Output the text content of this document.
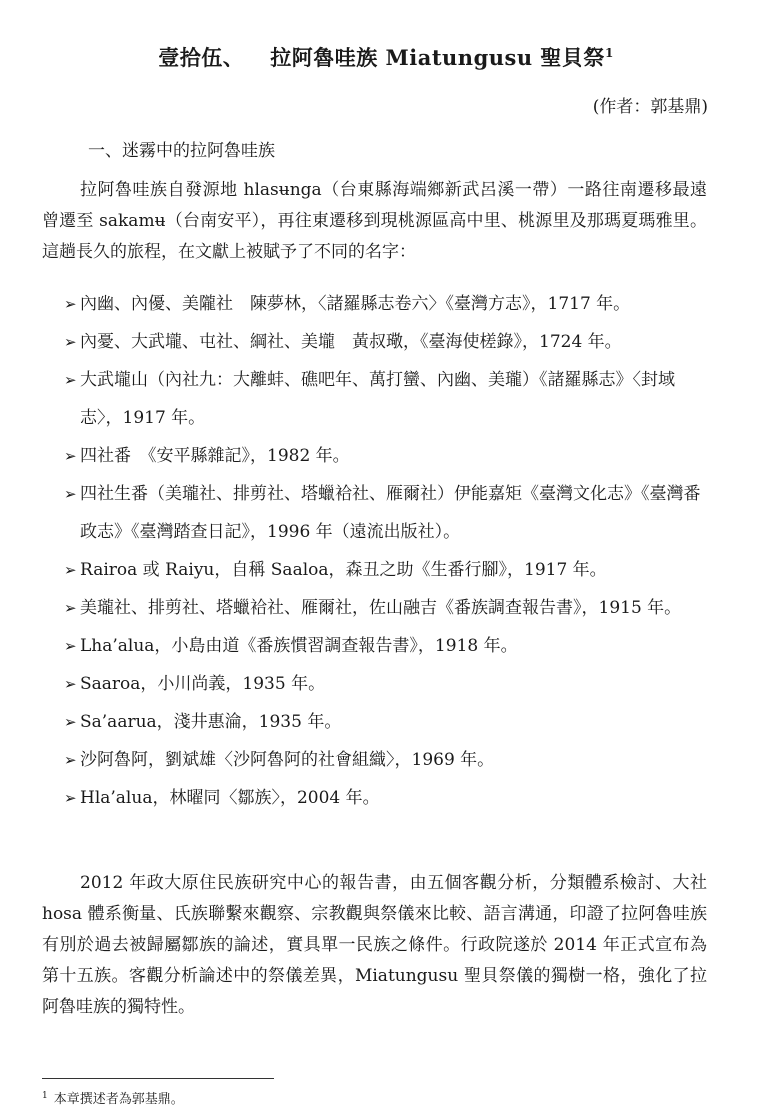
壹拾伍、 拉阿魯哇族 Miatungusu 聖貝祭$^1$
(作者：郭基鼎)
一、迷霧中的拉阿魯哇族

拉阿魯哇族自發源地 hlasʉnga（台東縣海端鄉新武呂溪一帶）一路往南遷移最遠曾遷至 sakamʉ（台南安平），再往東遷移到現桃源區高中里、桃源里及那瑪夏瑪雅里。這趟長久的旅程，在文獻上被賦予了不同的名字：

➢ 內幽、內優、美隴社　陳夢林，〈諸羅縣志卷六〉《臺灣方志》，1717 年。
➢ 內憂、大武壠、屯社、綱社、美壠　黃叔璥，《臺海使槎錄》，1724 年。
➢ 大武壠山（內社九：大離蚌、礁吧年、萬打蠻、內幽、美瓏）《諸羅縣志》〈封域志〉，1917 年。
➢ 四社番　《安平縣雜記》，1982 年。
➢ 四社生番（美瓏社、排剪社、塔蠟袷社、雁爾社）伊能嘉矩《臺灣文化志》《臺灣番政志》《臺灣踏查日記》，1996 年（遠流出版社）。
➢ Rairoa 或 Raiyu，自稱 Saaloa，森丑之助《生番行腳》，1917 年。
➢ 美瓏社、排剪社、塔蠟袷社、雁爾社，佐山融吉《番族調查報告書》，1915 年。
➢ Lha’alua，小島由道《番族慣習調查報告書》，1918 年。
➢ Saaroa，小川尚義，1935 年。
➢ Sa’aarua，淺井惠淪，1935 年。
➢ 沙阿魯阿，劉斌雄〈沙阿魯阿的社會組織〉，1969 年。
➢ Hla’alua，林曜同〈鄒族〉，2004 年。

2012 年政大原住民族研究中心的報告書，由五個客觀分析，分類體系檢討、大社 hosa 體系衡量、氏族聯繫來觀察、宗教觀與祭儀來比較、語言溝通，印證了拉阿魯哇族有別於過去被歸屬鄒族的論述，實具單一民族之條件。行政院遂於 2014 年正式宣布為第十五族。客觀分析論述中的祭儀差異，Miatungusu 聖貝祭儀的獨樹一格，強化了拉阿魯哇族的獨特性。

$^1$ 本章撰述者為郭基鼎。
